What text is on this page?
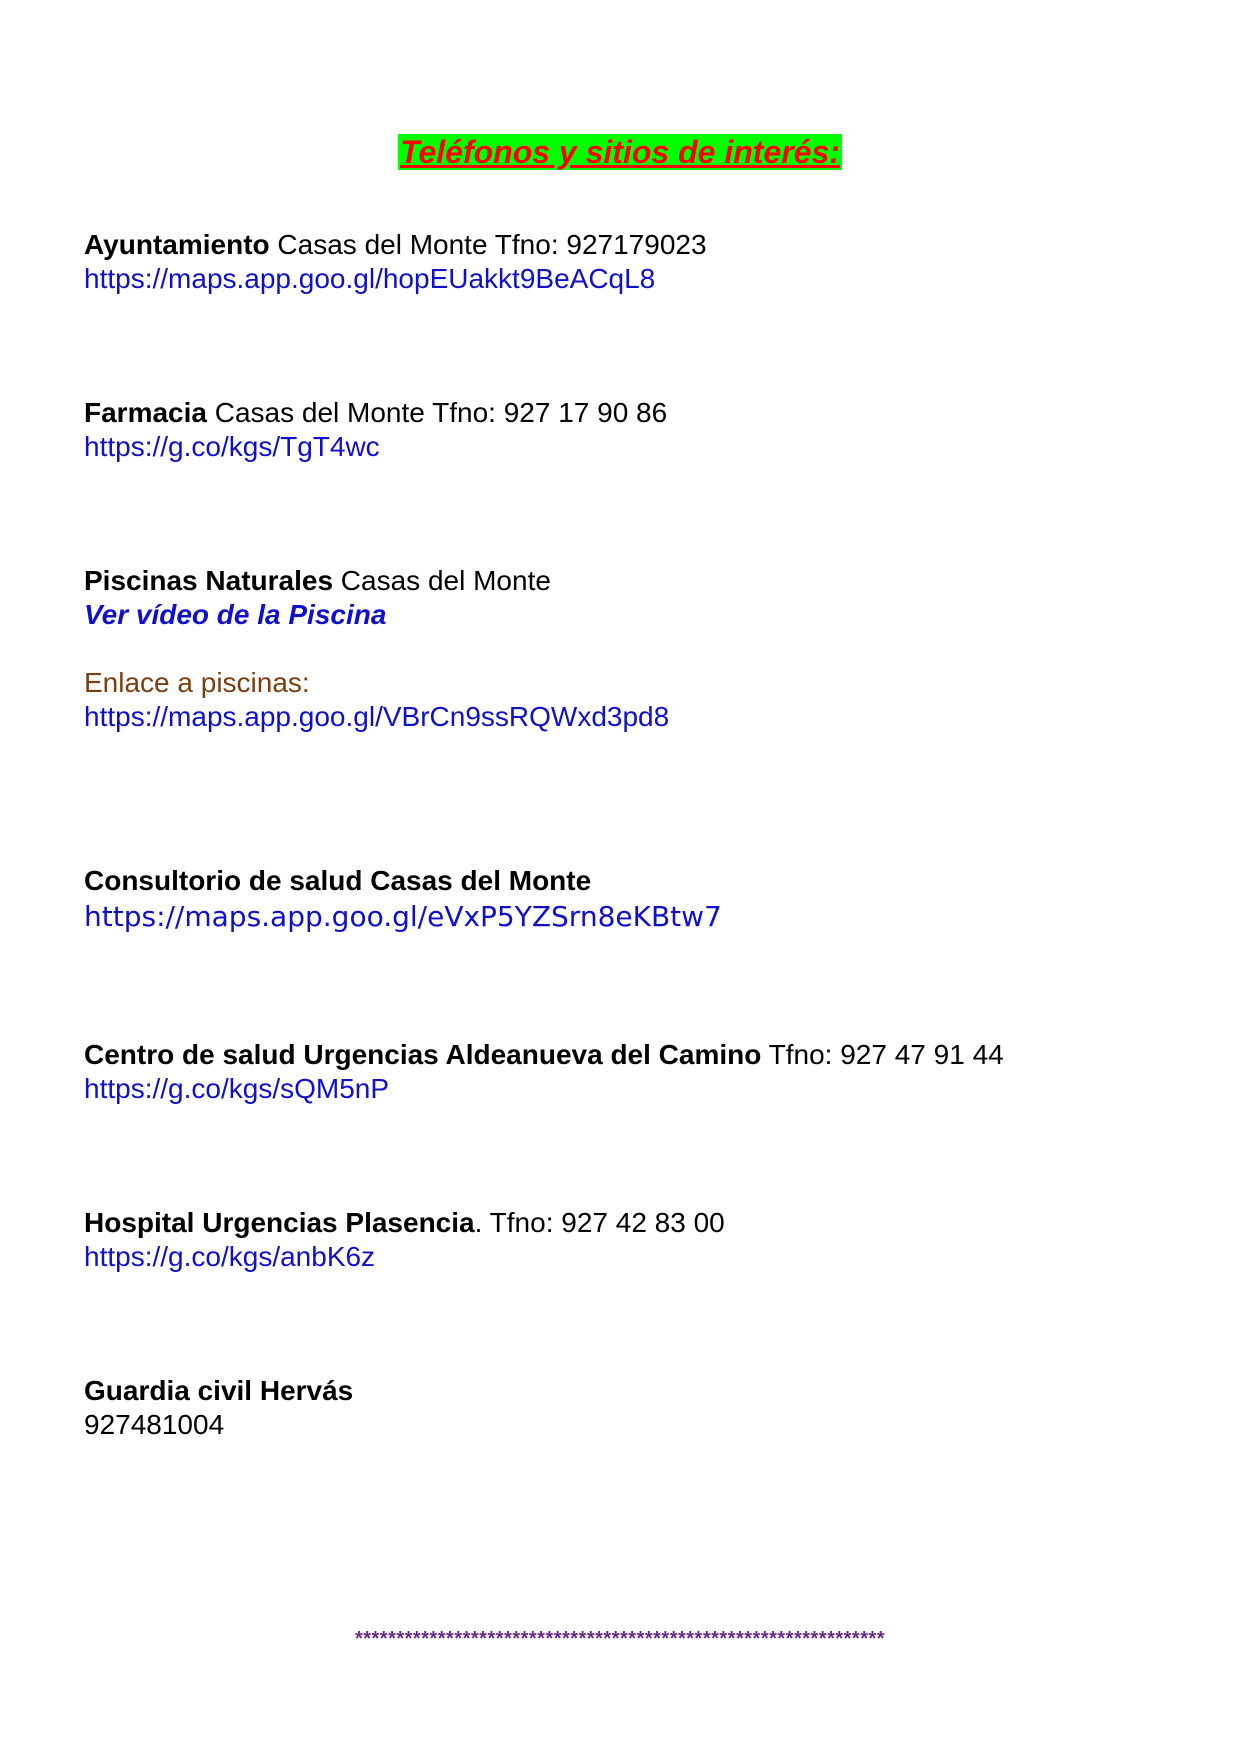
Teléfonos y sitios de interés:
Ayuntamiento Casas del Monte Tfno: 927179023
https://maps.app.goo.gl/hopEUakkt9BeACqL8
Farmacia Casas del Monte Tfno: 927 17 90 86
https://g.co/kgs/TgT4wc
Piscinas Naturales Casas del Monte
Ver vídeo de la Piscina
Enlace a piscinas:
https://maps.app.goo.gl/VBrCn9ssRQWxd3pd8
Consultorio de salud Casas del Monte
https://maps.app.goo.gl/eVxP5YZSrn8eKBtw7
Centro de salud Urgencias Aldeanueva del Camino Tfno: 927 47 91 44
https://g.co/kgs/sQM5nP
Hospital Urgencias Plasencia. Tfno: 927 42 83 00
https://g.co/kgs/anbK6z
Guardia civil Hervás
927481004
****************************************************************
